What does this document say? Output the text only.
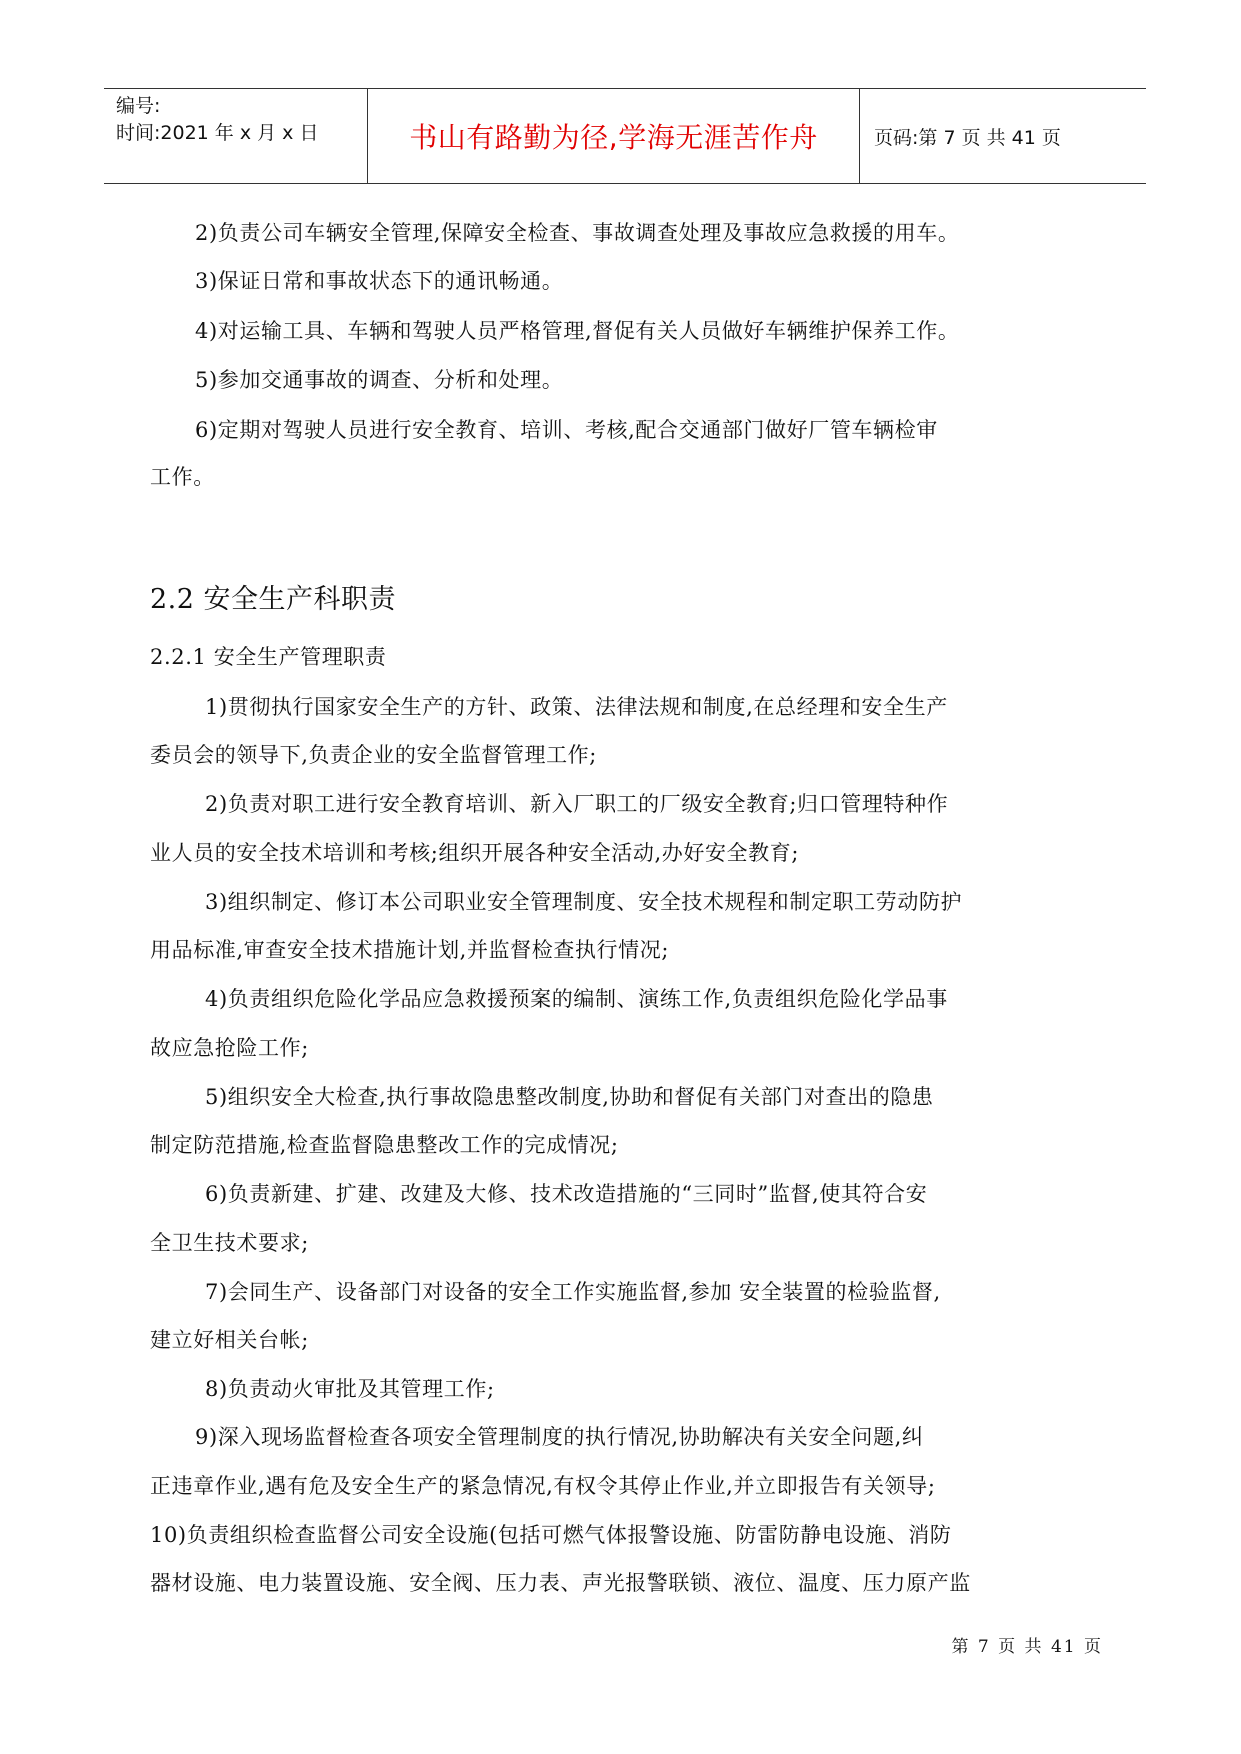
编号:
时间:2021 年 x 月 x 日	书山有路勤为径,学海无涯苦作舟	页码:第 7 页 共 41 页
2)负责公司车辆安全管理,保障安全检查、事故调查处理及事故应急救援的用车。
3)保证日常和事故状态下的通讯畅通。
4)对运输工具、车辆和驾驶人员严格管理,督促有关人员做好车辆维护保养工作。
5)参加交通事故的调查、分析和处理。
6)定期对驾驶人员进行安全教育、培训、考核,配合交通部门做好厂管车辆检审
工作。
2.2 安全生产科职责
2.2.1 安全生产管理职责
1)贯彻执行国家安全生产的方针、政策、法律法规和制度,在总经理和安全生产
委员会的领导下,负责企业的安全监督管理工作;
2)负责对职工进行安全教育培训、新入厂职工的厂级安全教育;归口管理特种作
业人员的安全技术培训和考核;组织开展各种安全活动,办好安全教育;
3)组织制定、修订本公司职业安全管理制度、安全技术规程和制定职工劳动防护
用品标准,审查安全技术措施计划,并监督检查执行情况;
4)负责组织危险化学品应急救援预案的编制、演练工作,负责组织危险化学品事
故应急抢险工作;
5)组织安全大检查,执行事故隐患整改制度,协助和督促有关部门对查出的隐患
制定防范措施,检查监督隐患整改工作的完成情况;
6)负责新建、扩建、改建及大修、技术改造措施的“三同时”监督,使其符合安
全卫生技术要求;
7)会同生产、设备部门对设备的安全工作实施监督,参加 安全装置的检验监督,
建立好相关台帐;
8)负责动火审批及其管理工作;
9)深入现场监督检查各项安全管理制度的执行情况,协助解决有关安全问题,纠
正违章作业,遇有危及安全生产的紧急情况,有权令其停止作业,并立即报告有关领导;
10)负责组织检查监督公司安全设施(包括可燃气体报警设施、防雷防静电设施、消防
器材设施、电力装置设施、安全阀、压力表、声光报警联锁、液位、温度、压力原产监
第 7 页 共 41 页
